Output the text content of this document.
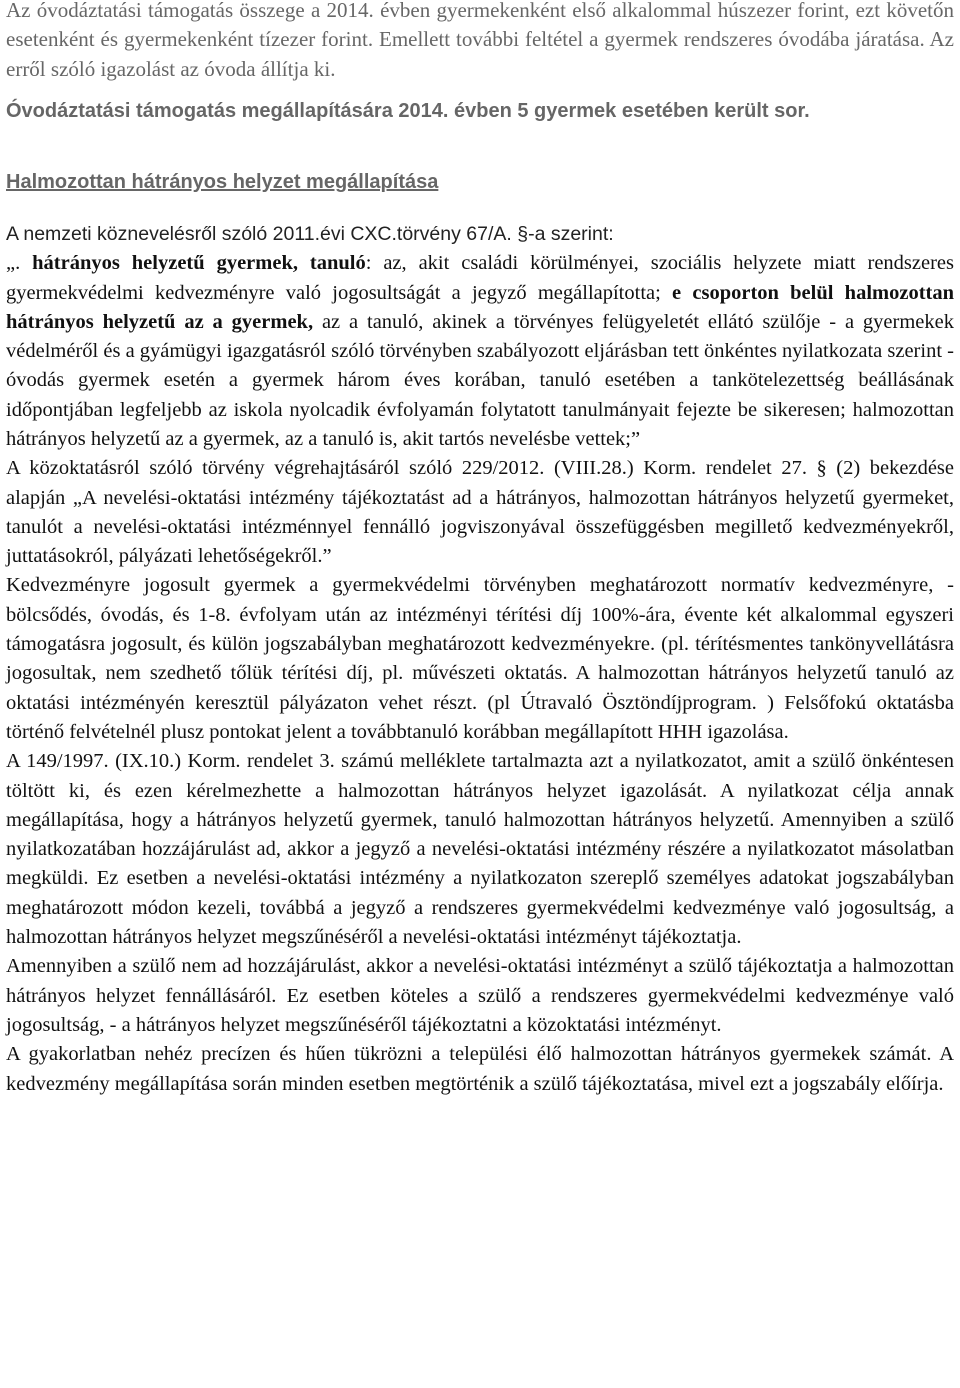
Az óvodáztatási támogatás összege a 2014. évben gyermekenként első alkalommal húszezer forint, ezt követőn esetenként és gyermekenként tízezer forint. Emellett további feltétel a gyermek rendszeres óvodába járatása. Az erről szóló igazolást az óvoda állítja ki.

Óvodáztatási támogatás megállapítására 2014. évben 5 gyermek esetében került sor.

Halmozottan hátrányos helyzet megállapítása

A nemzeti köznevelésről szóló 2011.évi CXC.törvény 67/A. §-a szerint:

„. hátrányos helyzetű gyermek, tanuló: az, akit családi körülményei, szociális helyzete miatt rendszeres gyermekvédelmi kedvezményre való jogosultságát a jegyző megállapította; e csoporton belül halmozottan hátrányos helyzetű az a gyermek, az a tanuló, akinek a törvényes felügyeletét ellátó szülője - a gyermekek védelméről és a gyámügyi igazgatásról szóló törvényben szabályozott eljárásban tett önkéntes nyilatkozata szerint - óvodás gyermek esetén a gyermek három éves korában, tanuló esetében a tankötelezettség beállásának időpontjában legfeljebb az iskola nyolcadik évfolyamán folytatott tanulmányait fejezte be sikeresen; halmozottan hátrányos helyzetű az a gyermek, az a tanuló is, akit tartós nevelésbe vettek;”

A közoktatásról szóló törvény végrehajtásáról szóló 229/2012. (VIII.28.) Korm. rendelet 27. § (2) bekezdése alapján „A nevelési-oktatási intézmény tájékoztatást ad a hátrányos, halmozottan hátrányos helyzetű gyermeket, tanulót a nevelési-oktatási intézménnyel fennálló jogviszonyával összefüggésben megillető kedvezményekről, juttatásokról, pályázati lehetőségekről.”

Kedvezményre jogosult gyermek a gyermekvédelmi törvényben meghatározott normatív kedvezményre, - bölcsődés, óvodás, és 1-8. évfolyam után az intézményi térítési díj 100%-ára, évente két alkalommal egyszeri támogatásra jogosult, és külön jogszabályban meghatározott kedvezményekre. (pl. térítésmentes tankönyvellátásra jogosultak, nem szedhető tőlük térítési díj, pl. művészeti oktatás. A halmozottan hátrányos helyzetű tanuló az oktatási intézményén keresztül pályázaton vehet részt. (pl Útravaló Ösztöndíjprogram. ) Felsőfokú oktatásba történő felvételnél plusz pontokat jelent a továbbtanuló korábban megállapított HHH igazolása.

A 149/1997. (IX.10.) Korm. rendelet 3. számú melléklete tartalmazta azt a nyilatkozatot, amit a szülő önkéntesen töltött ki, és ezen kérelmezhette a halmozottan hátrányos helyzet igazolását. A nyilatkozat célja annak megállapítása, hogy a hátrányos helyzetű gyermek, tanuló halmozottan hátrányos helyzetű. Amennyiben a szülő nyilatkozatában hozzájárulást ad, akkor a jegyző a nevelési-oktatási intézmény részére a nyilatkozatot másolatban megküldi. Ez esetben a nevelési-oktatási intézmény a nyilatkozaton szereplő személyes adatokat jogszabályban meghatározott módon kezeli, továbbá a jegyző a rendszeres gyermekvédelmi kedvezménye való jogosultság, a halmozottan hátrányos helyzet megszűnéséről a nevelési-oktatási intézményt tájékoztatja.

Amennyiben a szülő nem ad hozzájárulást, akkor a nevelési-oktatási intézményt a szülő tájékoztatja a halmozottan hátrányos helyzet fennállásáról. Ez esetben köteles a szülő a rendszeres gyermekvédelmi kedvezménye való jogosultság, - a hátrányos helyzet megszűnéséről tájékoztatni a közoktatási intézményt.

A gyakorlatban nehéz precízen és hűen tükrözni a települési élő halmozottan hátrányos gyermekek számát. A kedvezmény megállapítása során minden esetben megtörténik a szülő tájékoztatása, mivel ezt a jogszabály előírja.
